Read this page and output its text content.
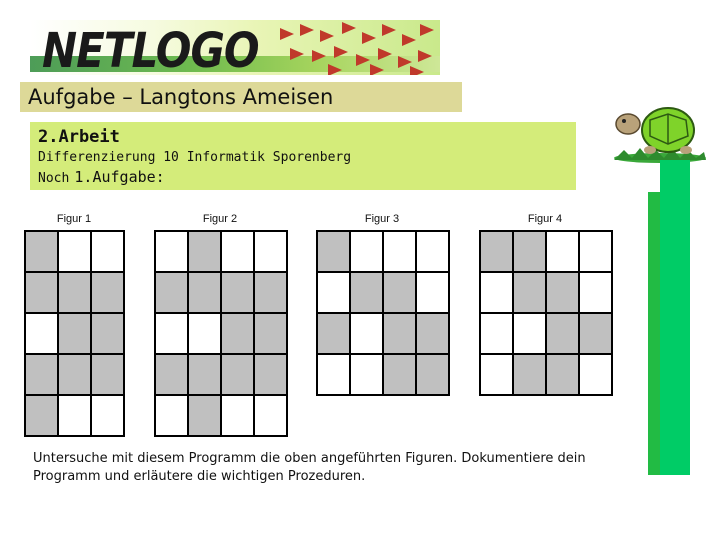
NETLOGO
Aufgabe – Langtons Ameisen
2.Arbeit
Differenzierung 10 Informatik Sporenberg
Noch 1.Aufgabe:
Figur 1	Figur 2	Figur 3	Figur 4
Untersuche mit diesem Programm die oben angeführten Figuren. Dokumentiere dein Programm und erläutere die wichtigen Prozeduren.
